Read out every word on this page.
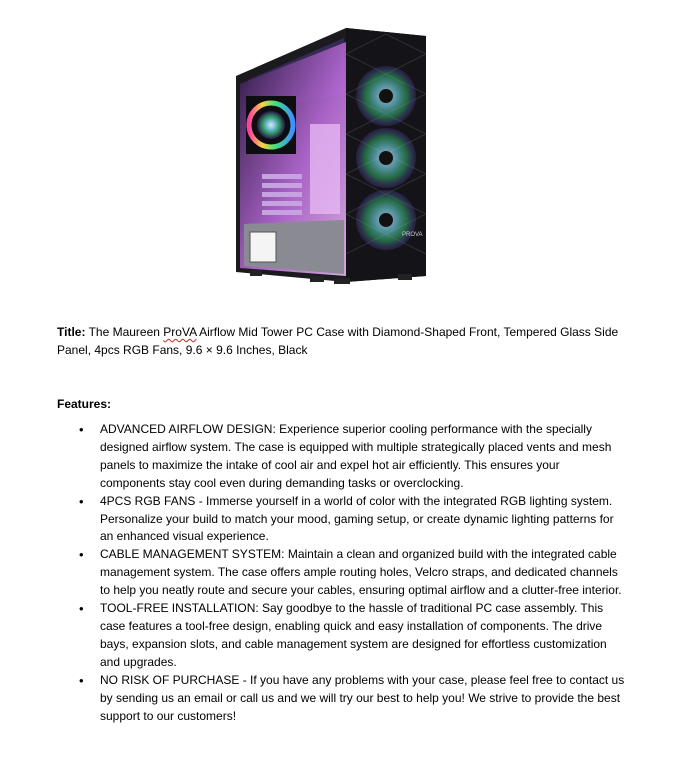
PROVA

Title: The Maureen ProVA Airflow Mid Tower PC Case with Diamond-Shaped Front, Tempered Glass Side Panel, 4pcs RGB Fans, 9.6 × 9.6 Inches, Black

Features:

• ADVANCED AIRFLOW DESIGN: Experience superior cooling performance with the specially designed airflow system. The case is equipped with multiple strategically placed vents and mesh panels to maximize the intake of cool air and expel hot air efficiently. This ensures your components stay cool even during demanding tasks or overclocking.
• 4PCS RGB FANS - Immerse yourself in a world of color with the integrated RGB lighting system. Personalize your build to match your mood, gaming setup, or create dynamic lighting patterns for an enhanced visual experience.
• CABLE MANAGEMENT SYSTEM: Maintain a clean and organized build with the integrated cable management system. The case offers ample routing holes, Velcro straps, and dedicated channels to help you neatly route and secure your cables, ensuring optimal airflow and a clutter-free interior.
• TOOL-FREE INSTALLATION: Say goodbye to the hassle of traditional PC case assembly. This case features a tool-free design, enabling quick and easy installation of components. The drive bays, expansion slots, and cable management system are designed for effortless customization and upgrades.
• NO RISK OF PURCHASE - If you have any problems with your case, please feel free to contact us by sending us an email or call us and we will try our best to help you! We strive to provide the best support to our customers!
